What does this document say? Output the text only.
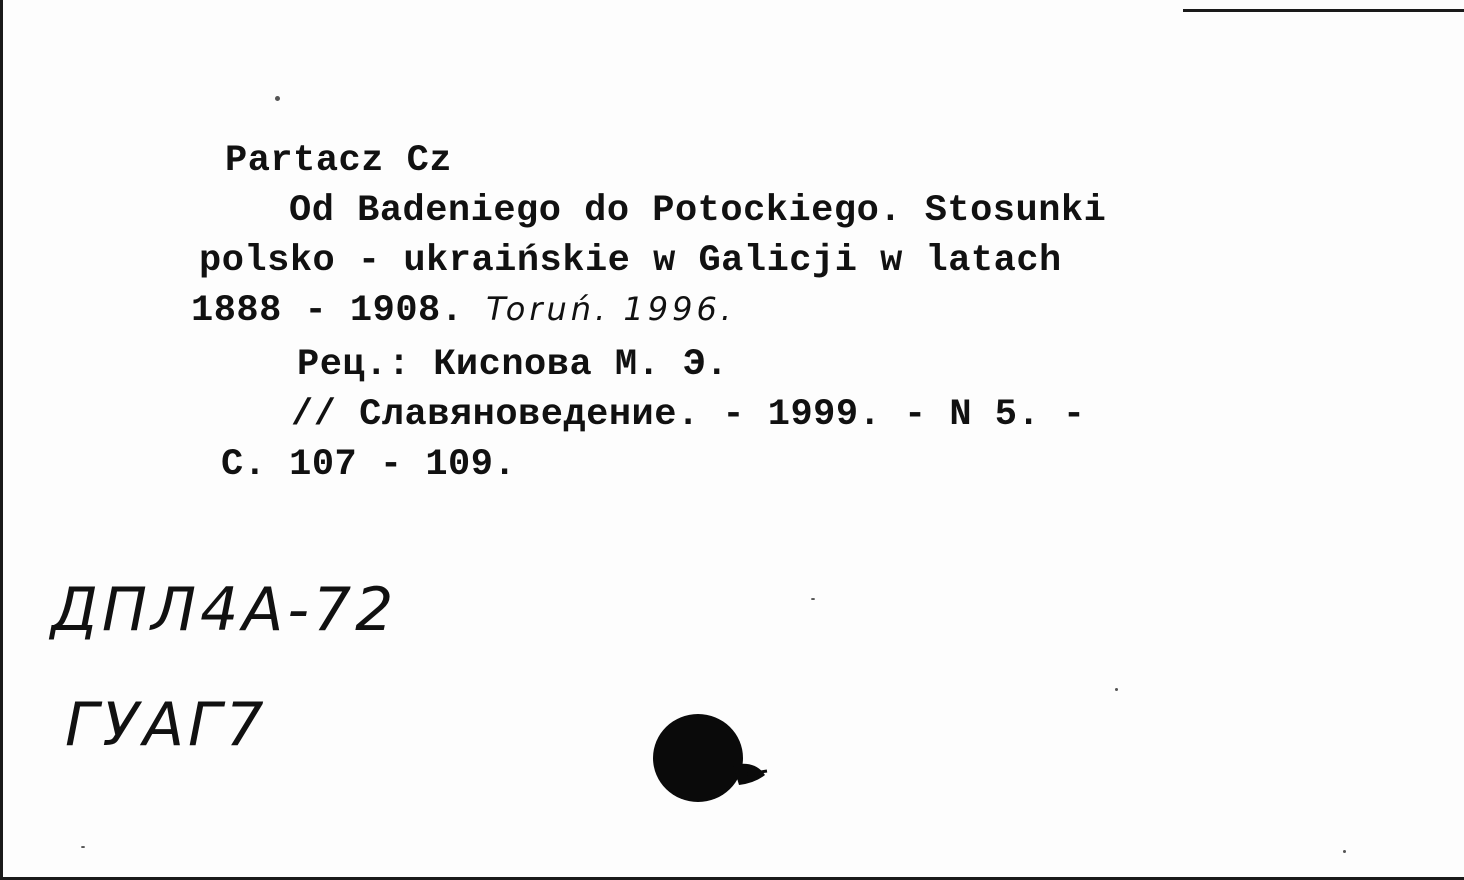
Partacz Cz
Od Badeniego do Potockiego. Stosunki
polsko - ukraińskie w Galicji w latach
1888 - 1908. Toruń. 1996.
Рец.: Кисnова М. Э.
// Славяноведение. - 1999. - N 5. -
С. 107 - 109.
ДПЛ4А-72
ГУАГ7
